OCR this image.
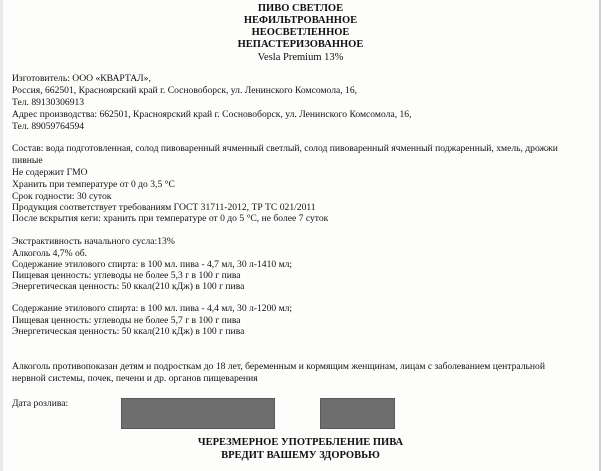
ПИВО СВЕТЛОЕ
НЕФИЛЬТРОВАННОЕ
НЕОСВЕТЛЕННОЕ
НЕПАСТЕРИЗОВАННОЕ
Vesla Premium 13%
Изготовитель: ООО «КВАРТАЛ»,
Россия, 662501, Красноярский край г. Сосновоборск, ул. Ленинского Комсомола, 16,
Тел. 89130306913
Адрес производства: 662501, Красноярский край г. Сосновоборск, ул. Ленинского Комсомола, 16,
Тел. 89059764594
Состав: вода подготовленная, солод пивоваренный ячменный светлый, солод пивоваренный ячменный поджаренный, хмель, дрожжи
пивные
Не содержит ГМО
Хранить при температуре от 0 до 3,5 °С
Срок годности: 30 суток
Продукция соответствует требованиям ГОСТ 31711-2012, ТР ТС 021/2011
После вскрытия кеги: хранить при температуре от 0 до 5 °С, не более 7 суток
Экстрактивность начального сусла:13%
Алкоголь 4,7% об.
Содержание этилового спирта: в 100 мл. пива - 4,7 мл, 30 л-1410 мл;
Пищевая ценность: углеводы не более 5,3 г в 100 г пива
Энергетическая ценность: 50 ккал(210 кДж) в 100 г пива
Содержание этилового спирта: в 100 мл. пива - 4,4 мл, 30 л-1200 мл;
Пищевая ценность: углеводы не более 5,7 г в 100 г пива
Энергетическая ценность: 50 ккал(210 кДж) в 100 г пива
Алкоголь противопоказан детям и подросткам до 18 лет, беременным и кормящим женщинам, лицам с заболеванием центральной
нервной системы, почек, печени и др. органов пищеварения
Дата розлива:
ЧЕРЕЗМЕРНОЕ УПОТРЕБЛЕНИЕ ПИВА
ВРЕДИТ ВАШЕМУ ЗДОРОВЬЮ
